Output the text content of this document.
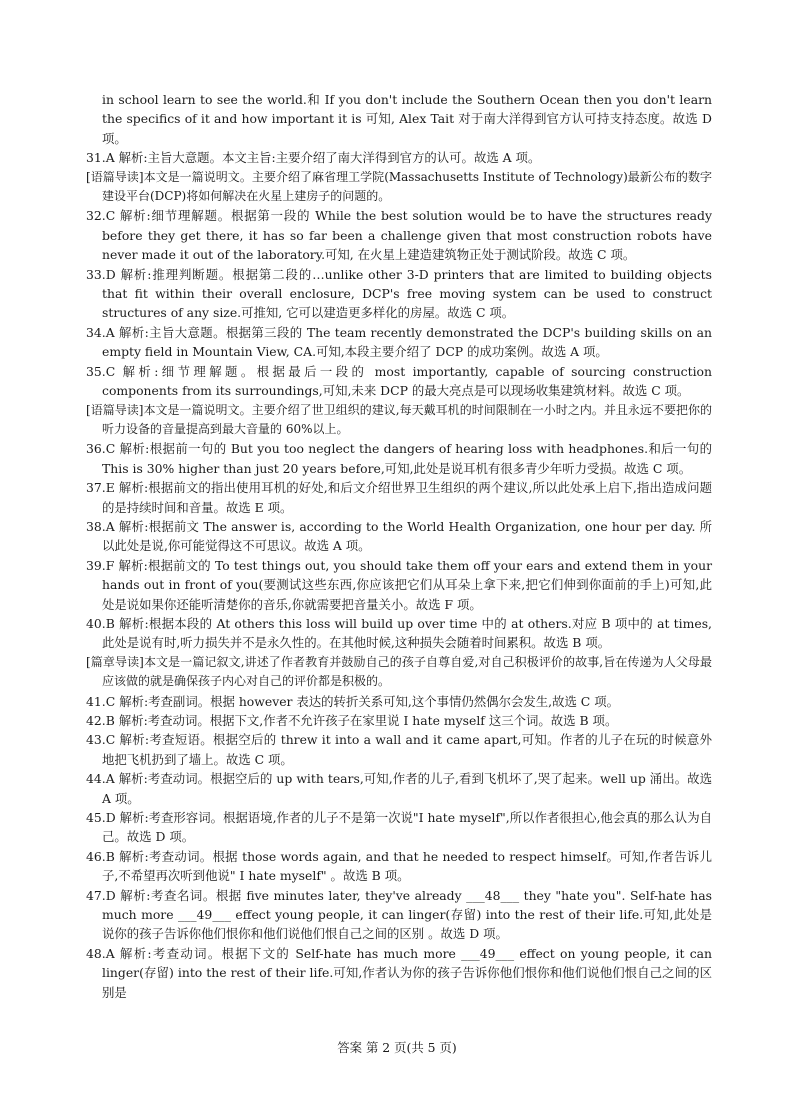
in school learn to see the world.和 If you don't include the Southern Ocean then you don't learn the specifics of it and how important it is 可知, Alex Tait 对于南大洋得到官方认可持支持态度。故选 D 项。

31.A 解析:主旨大意题。本文主旨:主要介绍了南大洋得到官方的认可。故选 A 项。

[语篇导读]本文是一篇说明文。主要介绍了麻省理工学院(Massachusetts Institute of Technology)最新公布的数字建设平台(DCP)将如何解决在火星上建房子的问题的。

32.C 解析:细节理解题。根据第一段的 While the best solution would be to have the structures ready before they get there, it has so far been a challenge given that most construction robots have never made it out of the laboratory.可知, 在火星上建造建筑物正处于测试阶段。故选 C 项。

33.D 解析:推理判断题。根据第二段的…unlike other 3-D printers that are limited to building objects that fit within their overall enclosure, DCP's free moving system can be used to construct structures of any size.可推知, 它可以建造更多样化的房屋。故选 C 项。

34.A 解析:主旨大意题。根据第三段的 The team recently demonstrated the DCP's building skills on an empty field in Mountain View, CA.可知,本段主要介绍了 DCP 的成功案例。故选 A 项。

35.C 解析:细节理解题。根据最后一段的 most importantly, capable of sourcing construction components from its surroundings,可知,未来 DCP 的最大亮点是可以现场收集建筑材料。故选 C 项。

[语篇导读]本文是一篇说明文。主要介绍了世卫组织的建议,每天戴耳机的时间限制在一小时之内。并且永远不要把你的听力设备的音量提高到最大音量的 60%以上。

36.C 解析:根据前一句的 But you too neglect the dangers of hearing loss with headphones.和后一句的 This is 30% higher than just 20 years before,可知,此处是说耳机有很多青少年听力受损。故选 C 项。

37.E 解析:根据前文的指出使用耳机的好处,和后文介绍世界卫生组织的两个建议,所以此处承上启下,指出造成问题的是持续时间和音量。故选 E 项。

38.A 解析:根据前文 The answer is, according to the World Health Organization, one hour per day. 所以此处是说,你可能觉得这不可思议。故选 A 项。

39.F 解析:根据前文的 To test things out, you should take them off your ears and extend them in your hands out in front of you(要测试这些东西,你应该把它们从耳朵上拿下来,把它们伸到你面前的手上)可知,此处是说如果你还能听清楚你的音乐,你就需要把音量关小。故选 F 项。

40.B 解析:根据本段的 At others this loss will build up over time 中的 at others.对应 B 项中的 at times,此处是说有时,听力损失并不是永久性的。在其他时候,这种损失会随着时间累积。故选 B 项。

[篇章导读]本文是一篇记叙文,讲述了作者教育并鼓励自己的孩子自尊自爱,对自己积极评价的故事,旨在传递为人父母最应该做的就是确保孩子内心对自己的评价都是积极的。

41.C 解析:考查副词。根据 however 表达的转折关系可知,这个事情仍然偶尔会发生,故选 C 项。

42.B 解析:考查动词。根据下文,作者不允许孩子在家里说 I hate myself 这三个词。故选 B 项。

43.C 解析:考查短语。根据空后的 threw it into a wall and it came apart,可知。作者的儿子在玩的时候意外地把飞机扔到了墙上。故选 C 项。

44.A 解析:考查动词。根据空后的 up with tears,可知,作者的儿子,看到飞机坏了,哭了起来。well up 涌出。故选 A 项。

45.D 解析:考查形容词。根据语境,作者的儿子不是第一次说"I hate myself",所以作者很担心,他会真的那么认为自己。故选 D 项。

46.B 解析:考查动词。根据 those words again, and that he needed to respect himself。可知,作者告诉儿子,不希望再次听到他说" I hate myself" 。故选 B 项。

47.D 解析:考查名词。根据 five minutes later, they've already ___48___ they "hate you". Self-hate has much more ___49___ effect young people, it can linger(存留) into the rest of their life.可知,此处是说你的孩子告诉你他们恨你和他们说他们恨自己之间的区别 。故选 D 项。

48.A 解析:考查动词。根据下文的 Self-hate has much more ___49___ effect on young people, it can linger(存留) into the rest of their life.可知,作者认为你的孩子告诉你他们恨你和他们说他们恨自己之间的区别是

答案 第 2 页(共 5 页)
